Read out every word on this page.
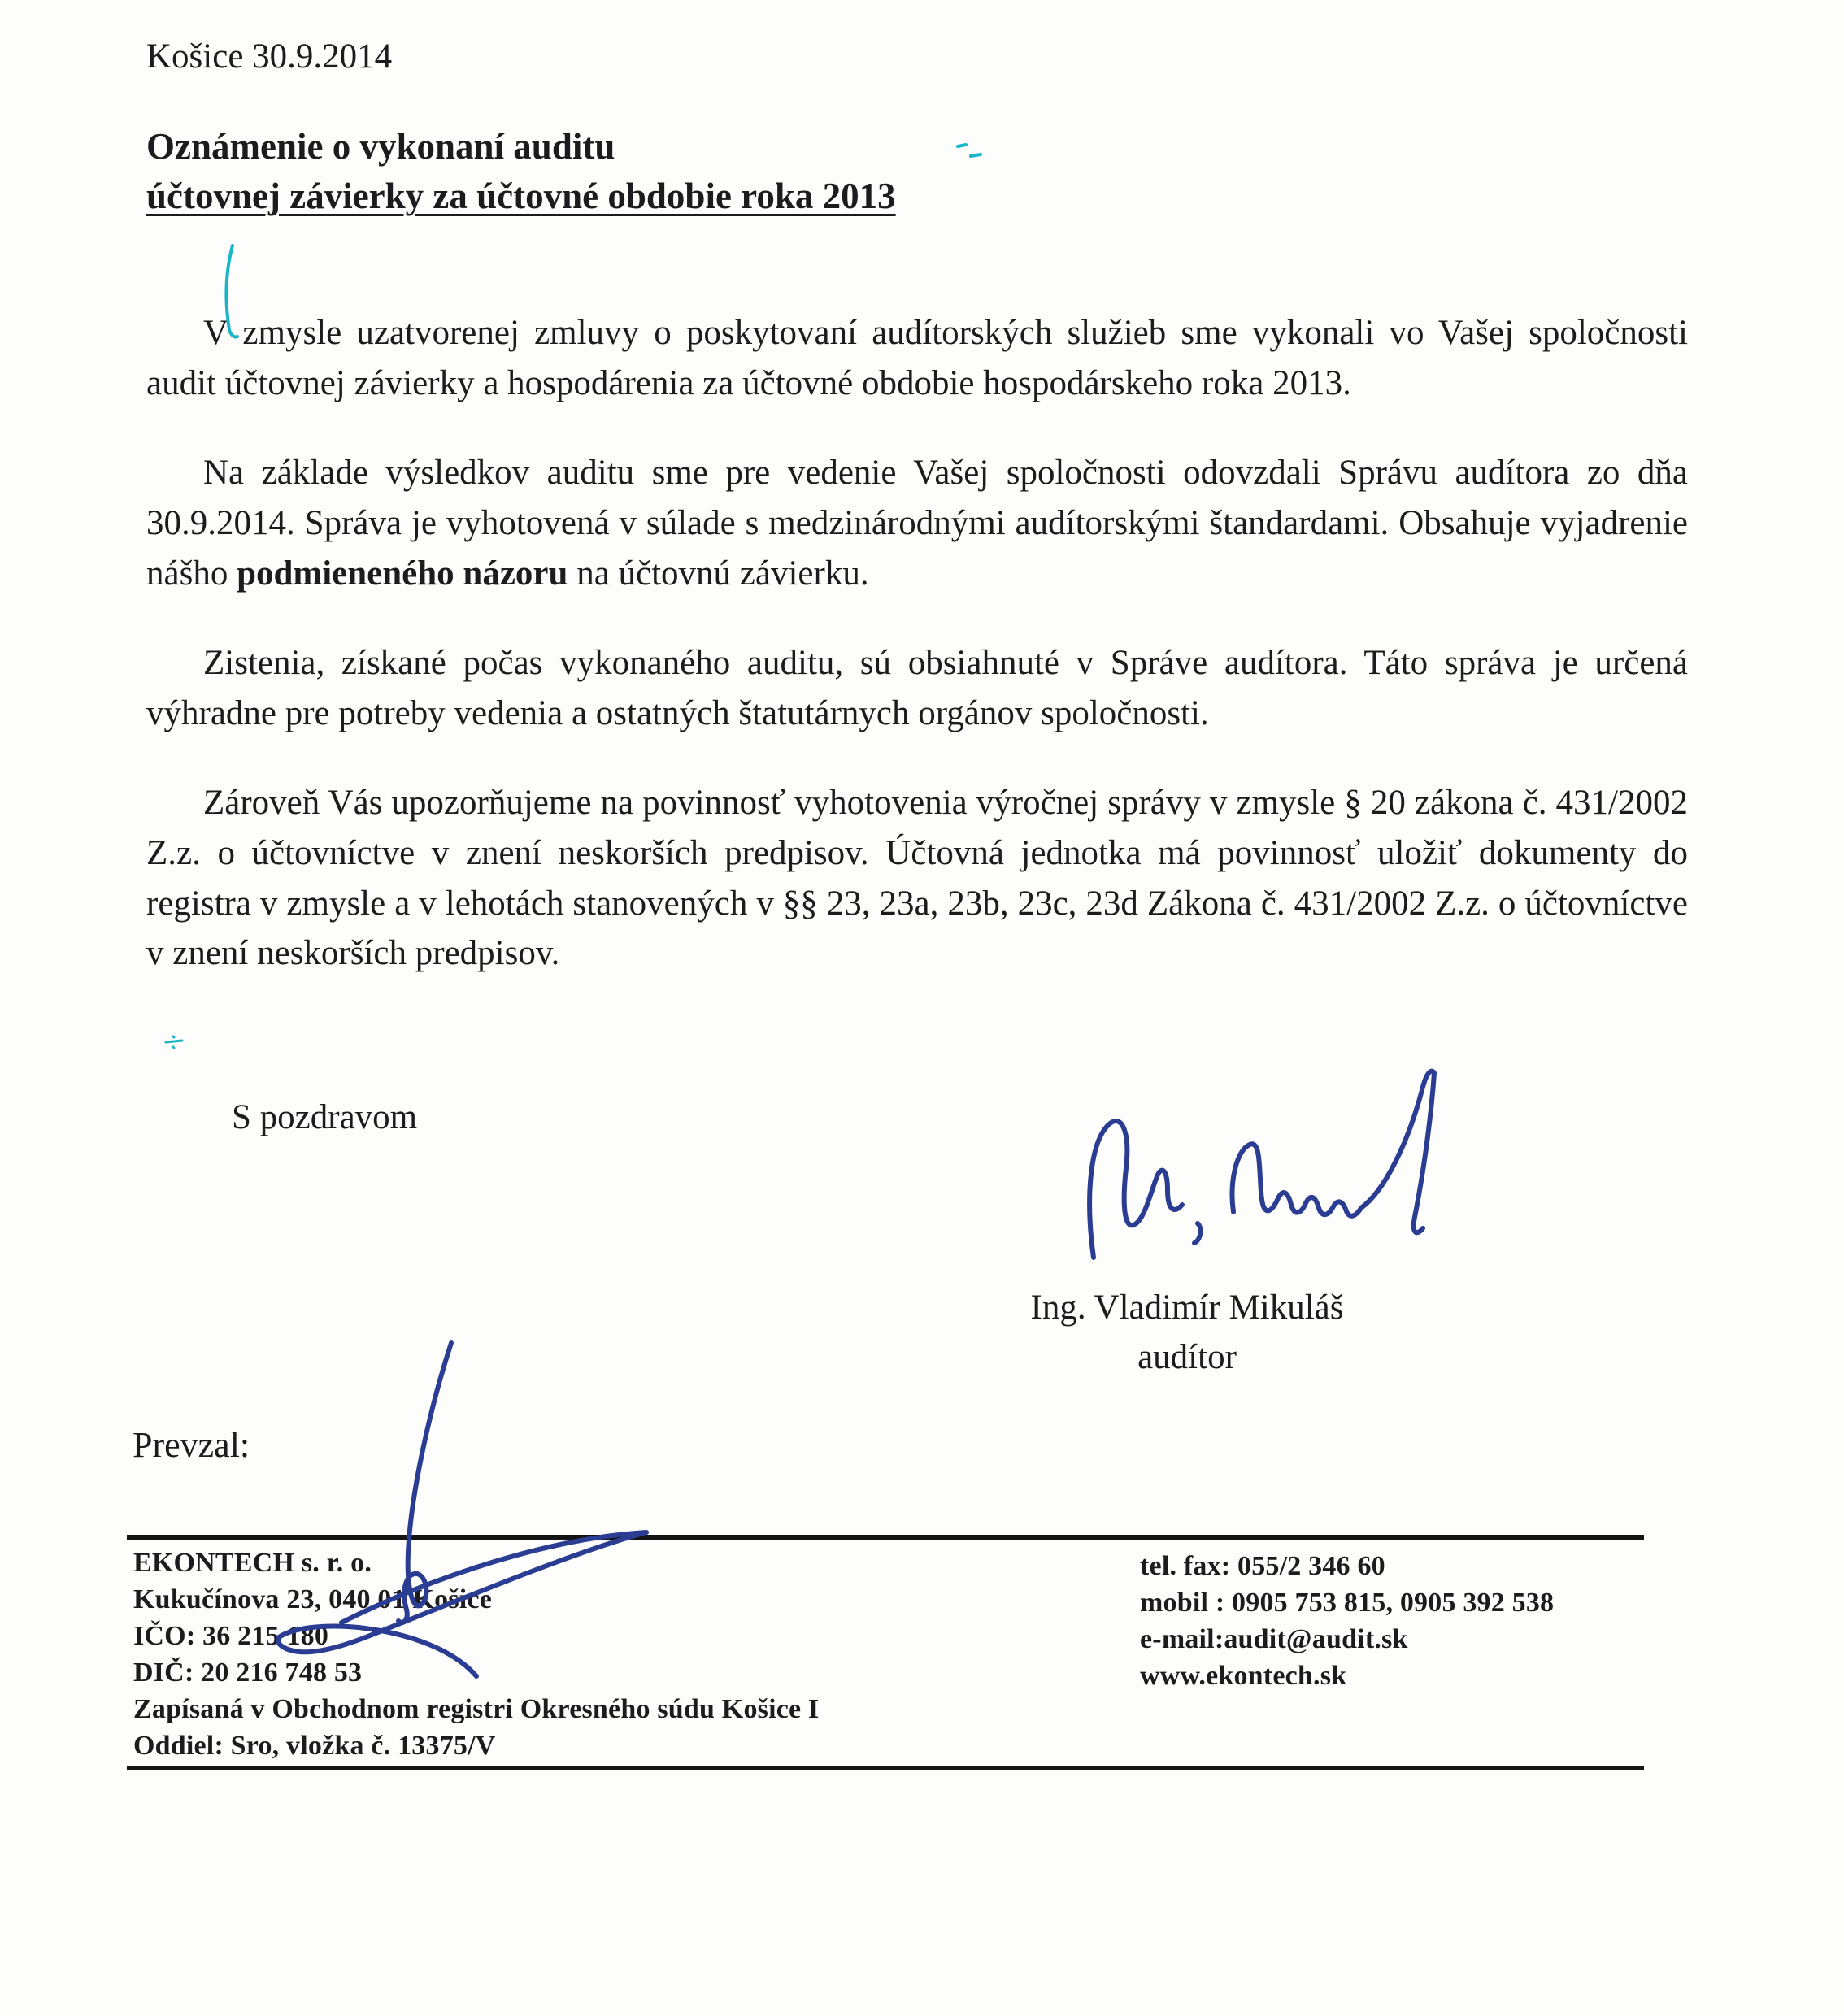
Košice 30.9.2014
Oznámenie o vykonaní auditu
účtovnej závierky za účtovné obdobie roka 2013

V zmysle uzatvorenej zmluvy o poskytovaní audítorských služieb sme vykonali vo Vašej spoločnosti audit účtovnej závierky a hospodárenia za účtovné obdobie hospodárskeho roka 2013.

Na základe výsledkov auditu sme pre vedenie Vašej spoločnosti odovzdali Správu audítora zo dňa 30.9.2014. Správa je vyhotovená v súlade s medzinárodnými audítorskými štandardami. Obsahuje vyjadrenie nášho podmieneného názoru na účtovnú závierku.

Zistenia, získané počas vykonaného auditu, sú obsiahnuté v Správe audítora. Táto správa je určená výhradne pre potreby vedenia a ostatných štatutárnych orgánov spoločnosti.

Zároveň Vás upozorňujeme na povinnosť vyhotovenia výročnej správy v zmysle § 20 zákona č. 431/2002 Z.z. o účtovníctve v znení neskorších predpisov. Účtovná jednotka má povinnosť uložiť dokumenty do registra v zmysle a v lehotách stanovených v §§ 23, 23a, 23b, 23c, 23d Zákona č. 431/2002 Z.z. o účtovníctve v znení neskorších predpisov.

S pozdravom
Ing. Vladimír Mikuláš
audítor
Prevzal:
EKONTECH s. r. o.
Kukučínova 23, 040 01 Košice
IČO: 36 215 180
DIČ: 20 216 748 53
Zapísaná v Obchodnom registri Okresného súdu Košice I
Oddiel: Sro, vložka č. 13375/V
tel. fax: 055/2 346 60
mobil : 0905 753 815, 0905 392 538
e-mail:audit@audit.sk
www.ekontech.sk
